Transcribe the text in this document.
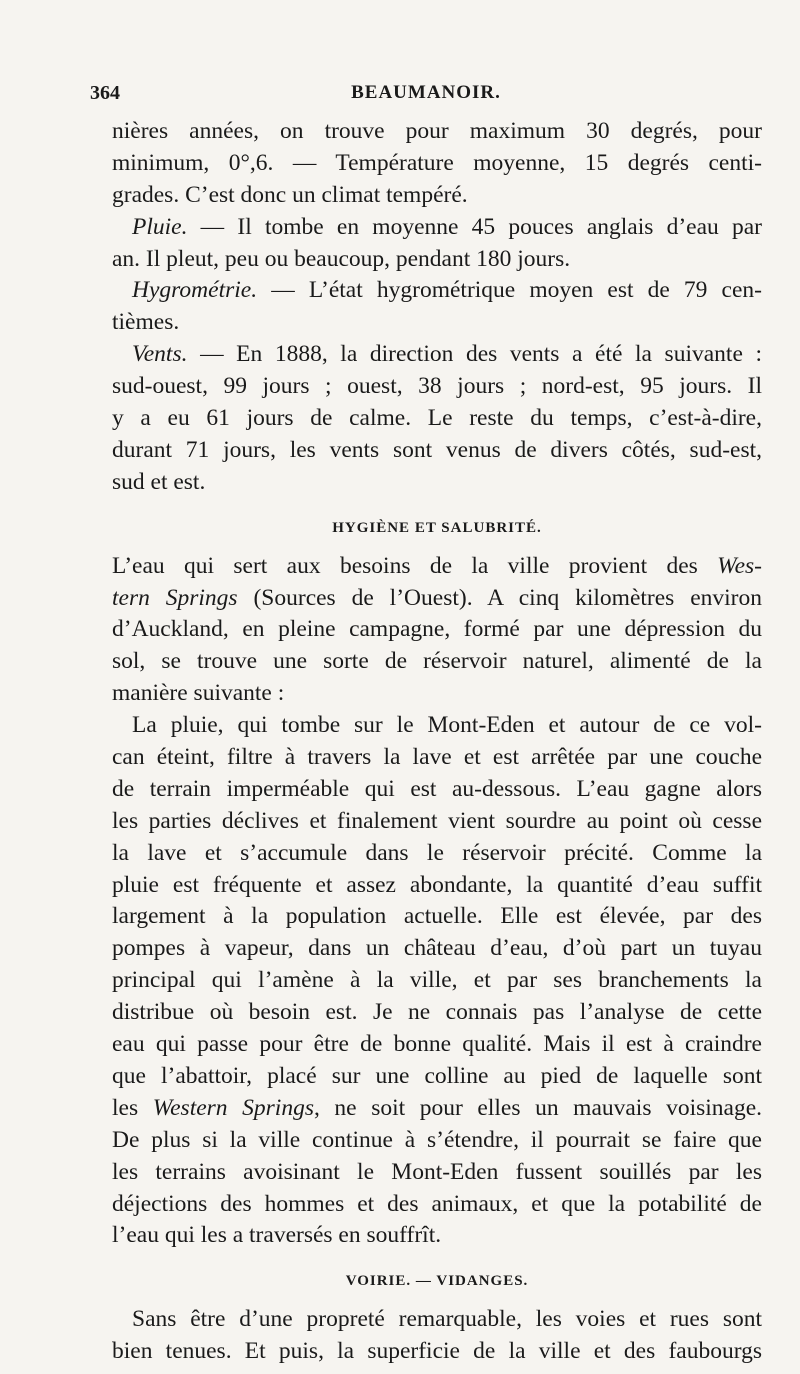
364	BEAUMANOIR.
nières années, on trouve pour maximum 30 degrés, pour
minimum, 0°,6. — Température moyenne, 15 degrés centi-
grades. C’est donc un climat tempéré.
Pluie. — Il tombe en moyenne 45 pouces anglais d’eau par
an. Il pleut, peu ou beaucoup, pendant 180 jours.
Hygrométrie. — L’état hygrométrique moyen est de 79 cen-
tièmes.
Vents. — En 1888, la direction des vents a été la suivante :
sud-ouest, 99 jours ; ouest, 38 jours ; nord-est, 95 jours. Il
y a eu 61 jours de calme. Le reste du temps, c’est-à-dire,
durant 71 jours, les vents sont venus de divers côtés, sud-est,
sud et est.
HYGIÈNE ET SALUBRITÉ.
L’eau qui sert aux besoins de la ville provient des Wes-
tern Springs (Sources de l’Ouest). A cinq kilomètres environ
d’Auckland, en pleine campagne, formé par une dépression du
sol, se trouve une sorte de réservoir naturel, alimenté de la
manière suivante :
La pluie, qui tombe sur le Mont-Eden et autour de ce vol-
can éteint, filtre à travers la lave et est arrêtée par une couche
de terrain imperméable qui est au-dessous. L’eau gagne alors
les parties déclives et finalement vient sourdre au point où cesse
la lave et s’accumule dans le réservoir précité. Comme la
pluie est fréquente et assez abondante, la quantité d’eau suffit
largement à la population actuelle. Elle est élevée, par des
pompes à vapeur, dans un château d’eau, d’où part un tuyau
principal qui l’amène à la ville, et par ses branchements la
distribue où besoin est. Je ne connais pas l’analyse de cette
eau qui passe pour être de bonne qualité. Mais il est à craindre
que l’abattoir, placé sur une colline au pied de laquelle sont
les Western Springs, ne soit pour elles un mauvais voisinage.
De plus si la ville continue à s’étendre, il pourrait se faire que
les terrains avoisinant le Mont-Eden fussent souillés par les
déjections des hommes et des animaux, et que la potabilité de
l’eau qui les a traversés en souffrît.
VOIRIE. — VIDANGES.
Sans être d’une propreté remarquable, les voies et rues sont
bien tenues. Et puis, la superficie de la ville et des faubourgs
